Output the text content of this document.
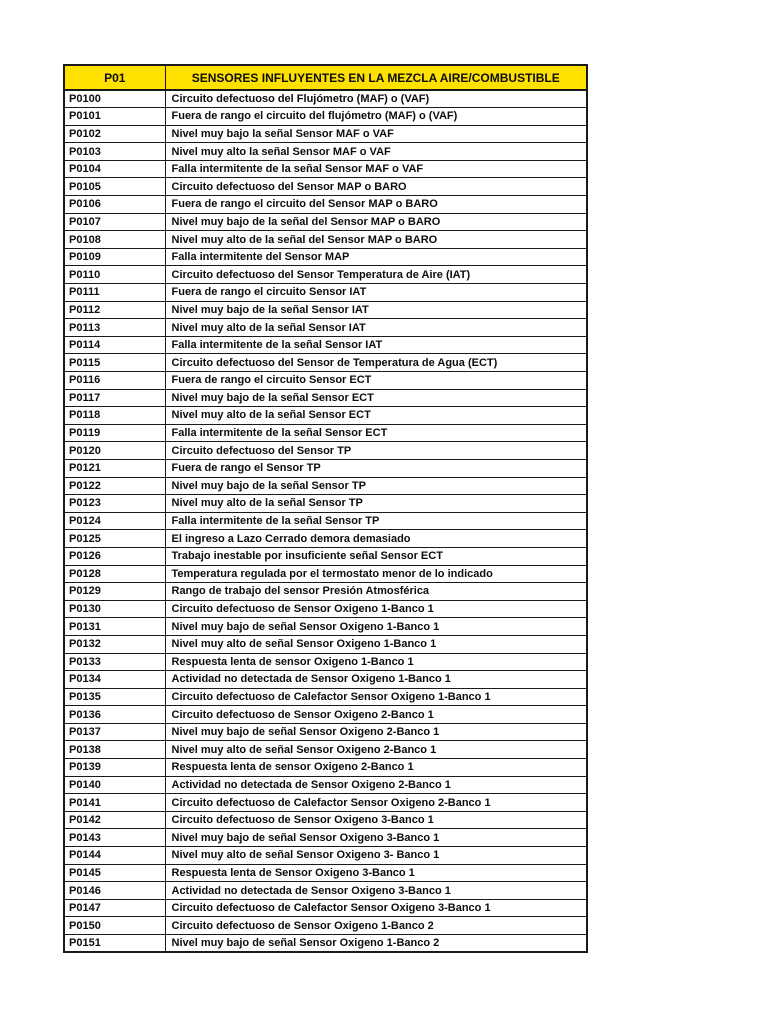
P01	SENSORES INFLUYENTES EN LA MEZCLA AIRE/COMBUSTIBLE
P0100	Circuito defectuoso del Flujómetro (MAF) o (VAF)
P0101	Fuera de rango el circuito del flujómetro (MAF) o (VAF)
P0102	Nivel muy bajo la señal Sensor MAF o VAF
P0103	Nivel muy alto la señal Sensor MAF o VAF
P0104	Falla intermitente de la señal Sensor MAF o VAF
P0105	Circuito defectuoso del Sensor MAP o BARO
P0106	Fuera de rango el circuito del Sensor MAP o BARO
P0107	Nivel muy bajo de la señal del Sensor MAP o BARO
P0108	Nivel muy alto de la señal del Sensor MAP o BARO
P0109	Falla intermitente del Sensor MAP
P0110	Circuito defectuoso del Sensor Temperatura de Aire (IAT)
P0111	Fuera de rango el circuito Sensor IAT
P0112	Nivel muy bajo de la señal Sensor IAT
P0113	Nivel muy alto de la señal Sensor IAT
P0114	Falla intermitente de la señal Sensor IAT
P0115	Circuito defectuoso del Sensor de Temperatura de Agua (ECT)
P0116	Fuera de rango el circuito Sensor ECT
P0117	Nivel muy bajo de la señal Sensor ECT
P0118	Nivel muy alto de la señal Sensor ECT
P0119	Falla intermitente de la señal Sensor ECT
P0120	Circuito defectuoso del Sensor TP
P0121	Fuera de rango el Sensor TP
P0122	Nivel muy bajo de la señal Sensor TP
P0123	Nivel muy alto de la señal Sensor TP
P0124	Falla intermitente de la señal Sensor TP
P0125	El ingreso a Lazo Cerrado demora demasiado
P0126	Trabajo inestable por insuficiente señal Sensor ECT
P0128	Temperatura regulada por el termostato menor de lo indicado
P0129	Rango de trabajo del sensor Presión Atmosférica
P0130	Circuito defectuoso de Sensor Oxigeno 1-Banco 1
P0131	Nivel muy bajo de señal Sensor Oxigeno 1-Banco 1
P0132	Nivel muy alto de señal Sensor Oxigeno 1-Banco 1
P0133	Respuesta lenta de sensor Oxigeno 1-Banco 1
P0134	Actividad no detectada de Sensor Oxigeno 1-Banco 1
P0135	Circuito defectuoso de Calefactor Sensor Oxigeno 1-Banco 1
P0136	Circuito defectuoso de Sensor Oxigeno 2-Banco 1
P0137	Nivel muy bajo de señal Sensor Oxigeno 2-Banco 1
P0138	Nivel muy alto de señal Sensor Oxigeno 2-Banco 1
P0139	Respuesta lenta de sensor Oxigeno 2-Banco 1
P0140	Actividad no detectada de Sensor Oxigeno 2-Banco 1
P0141	Circuito defectuoso de Calefactor Sensor Oxigeno 2-Banco 1
P0142	Circuito defectuoso de Sensor Oxigeno 3-Banco 1
P0143	Nivel muy bajo de señal Sensor Oxigeno 3-Banco 1
P0144	Nivel muy alto de señal Sensor Oxigeno 3- Banco 1
P0145	Respuesta lenta de Sensor Oxigeno 3-Banco 1
P0146	Actividad no detectada de Sensor Oxigeno 3-Banco 1
P0147	Circuito defectuoso de Calefactor Sensor Oxigeno 3-Banco 1
P0150	Circuito defectuoso de Sensor Oxigeno 1-Banco 2
P0151	Nivel muy bajo de señal Sensor Oxigeno 1-Banco 2
